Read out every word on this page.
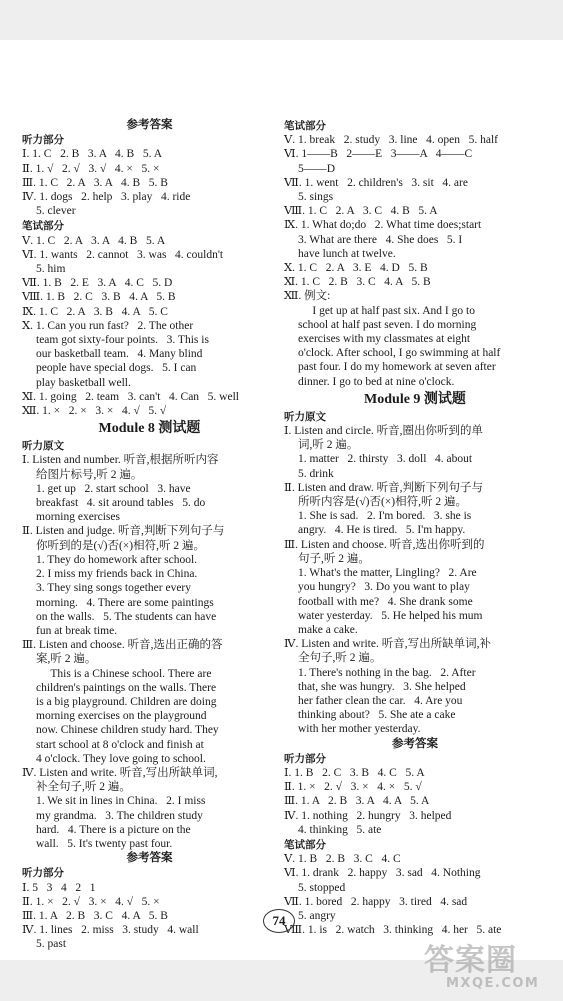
参考答案

听力部分

Ⅰ. 1. C   2. B   3. A   4. B   5. A

Ⅱ. 1. √   2. √   3. √   4. ×   5. ×

Ⅲ. 1. C   2. A   3. A   4. B   5. B

Ⅳ. 1. dogs   2. help   3. play   4. ride

5. clever

笔试部分

Ⅴ. 1. C   2. A   3. A   4. B   5. A

Ⅵ. 1. wants   2. cannot   3. was   4. couldn't

5. him

Ⅶ. 1. B   2. E   3. A   4. C   5. D

Ⅷ. 1. B   2. C   3. B   4. A   5. B

Ⅸ. 1. C   2. A   3. B   4. A   5. C

Ⅹ. 1. Can you run fast?   2. The other

team got sixty-four points.   3. This is

our basketball team.   4. Many blind

people have special dogs.   5. I can

play basketball well.

Ⅺ. 1. going   2. team   3. can't   4. Can   5. well

Ⅻ. 1. ×   2. ×   3. ×   4. √   5. √

Module 8 测试题

听力原文

Ⅰ. Listen and number. 听音,根据所听内容

给图片标号,听 2 遍。

1. get up   2. start school   3. have

breakfast   4. sit around tables   5. do

morning exercises

Ⅱ. Listen and judge. 听音,判断下列句子与

你听到的是(√)否(×)相符,听 2 遍。

1. They do homework after school.

2. I miss my friends back in China.

3. They sing songs together every

morning.   4. There are some paintings

on the walls.   5. The students can have

fun at break time.

Ⅲ. Listen and choose. 听音,选出正确的答

案,听 2 遍。

This is a Chinese school. There are

children's paintings on the walls. There

is a big playground. Children are doing

morning exercises on the playground

now. Chinese children study hard. They

start school at 8 o'clock and finish at

4 o'clock. They love going to school.

Ⅳ. Listen and write. 听音,写出所缺单词,

补全句子,听 2 遍。

1. We sit in lines in China.   2. I miss

my grandma.   3. The children study

hard.   4. There is a picture on the

wall.   5. It's twenty past four.

参考答案

听力部分

Ⅰ. 5   3   4   2   1

Ⅱ. 1. ×   2. √   3. ×   4. √   5. ×

Ⅲ. 1. A   2. B   3. C   4. A   5. B

Ⅳ. 1. lines   2. miss   3. study   4. wall

5. past

笔试部分

Ⅴ. 1. break   2. study   3. line   4. open   5. half

Ⅵ. 1——B   2——E   3——A   4——C

5——D

Ⅶ. 1. went   2. children's   3. sit   4. are

5. sings

Ⅷ. 1. C   2. A   3. C   4. B   5. A

Ⅸ. 1. What do;do   2. What time does;start

3. What are there   4. She does   5. I

have lunch at twelve.

Ⅹ. 1. C   2. A   3. E   4. D   5. B

Ⅺ. 1. C   2. B   3. C   4. A   5. B

Ⅻ. 例文:

I get up at half past six. And I go to

school at half past seven. I do morning

exercises with my classmates at eight

o'clock. After school, I go swimming at half

past four. I do my homework at seven after

dinner. I go to bed at nine o'clock.

Module 9 测试题

听力原文

Ⅰ. Listen and circle. 听音,圈出你听到的单

词,听 2 遍。

1. matter   2. thirsty   3. doll   4. about

5. drink

Ⅱ. Listen and draw. 听音,判断下列句子与

所听内容是(√)否(×)相符,听 2 遍。

1. She is sad.   2. I'm bored.   3. she is

angry.   4. He is tired.   5. I'm happy.

Ⅲ. Listen and choose. 听音,选出你听到的

句子,听 2 遍。

1. What's the matter, Lingling?   2. Are

you hungry?   3. Do you want to play

football with me?   4. She drank some

water yesterday.   5. He helped his mum

make a cake.

Ⅳ. Listen and write. 听音,写出所缺单词,补

全句子,听 2 遍。

1. There's nothing in the bag.   2. After

that, she was hungry.   3. She helped

her father clean the car.   4. Are you

thinking about?   5. She ate a cake

with her mother yesterday.

参考答案

听力部分

Ⅰ. 1. B   2. C   3. B   4. C   5. A

Ⅱ. 1. ×   2. √   3. ×   4. ×   5. √

Ⅲ. 1. A   2. B   3. A   4. A   5. A

Ⅳ. 1. nothing   2. hungry   3. helped

4. thinking   5. ate

笔试部分

Ⅴ. 1. B   2. B   3. C   4. C

Ⅵ. 1. drank   2. happy   3. sad   4. Nothing

5. stopped

Ⅶ. 1. bored   2. happy   3. tired   4. sad

5. angry

Ⅷ. 1. is   2. watch   3. thinking   4. her   5. ate

74
答案圈
MXQE.COM
